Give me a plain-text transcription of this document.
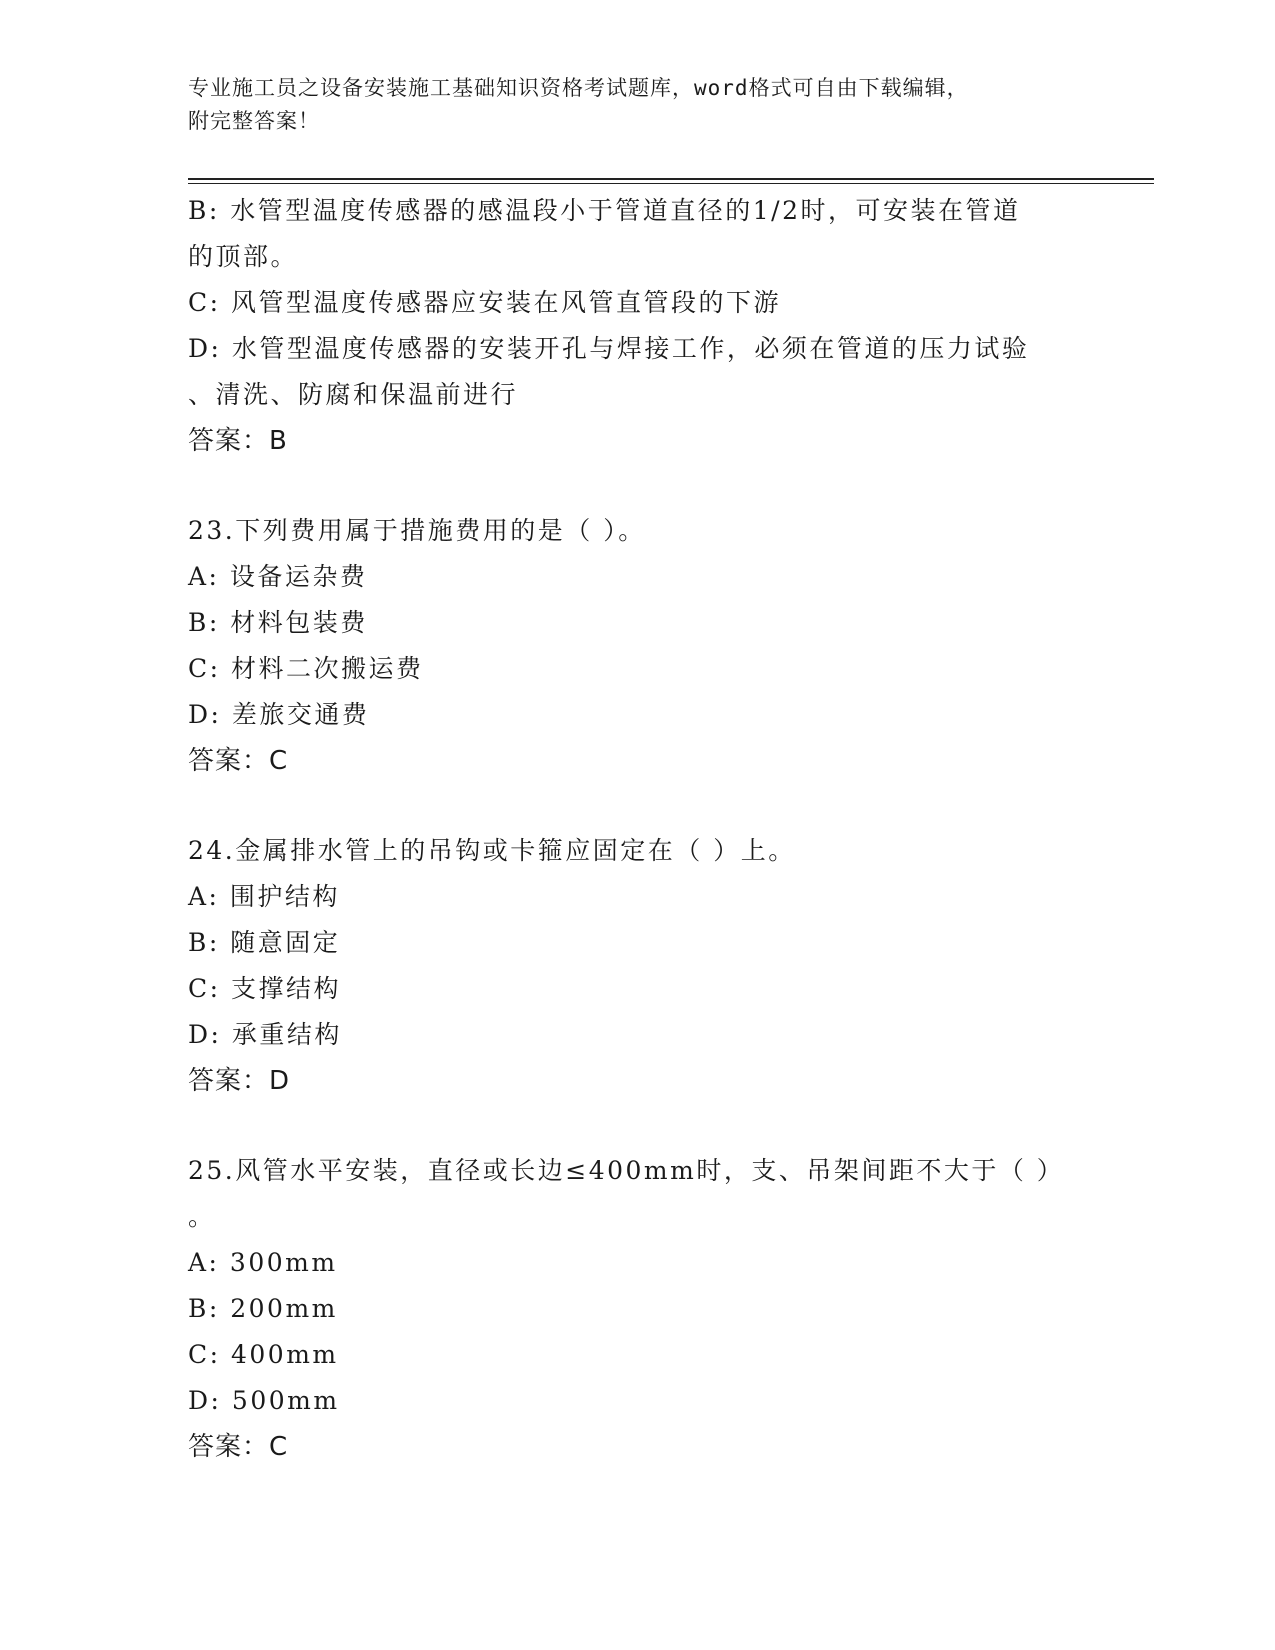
专业施工员之设备安装施工基础知识资格考试题库，word格式可自由下载编辑，
附完整答案！
B: 水管型温度传感器的感温段小于管道直径的1/2时，可安装在管道
的顶部。
C: 风管型温度传感器应安装在风管直管段的下游
D: 水管型温度传感器的安装开孔与焊接工作，必须在管道的压力试验
、清洗、防腐和保温前进行
答案：B
23.下列费用属于措施费用的是（ ）。
A: 设备运杂费
B: 材料包装费
C: 材料二次搬运费
D: 差旅交通费
答案：C
24.金属排水管上的吊钩或卡箍应固定在（ ）上。
A: 围护结构
B: 随意固定
C: 支撑结构
D: 承重结构
答案：D
25.风管水平安装，直径或长边≤400mm时，支、吊架间距不大于（ ）
。
A: 300mm
B: 200mm
C: 400mm
D: 500mm
答案：C
